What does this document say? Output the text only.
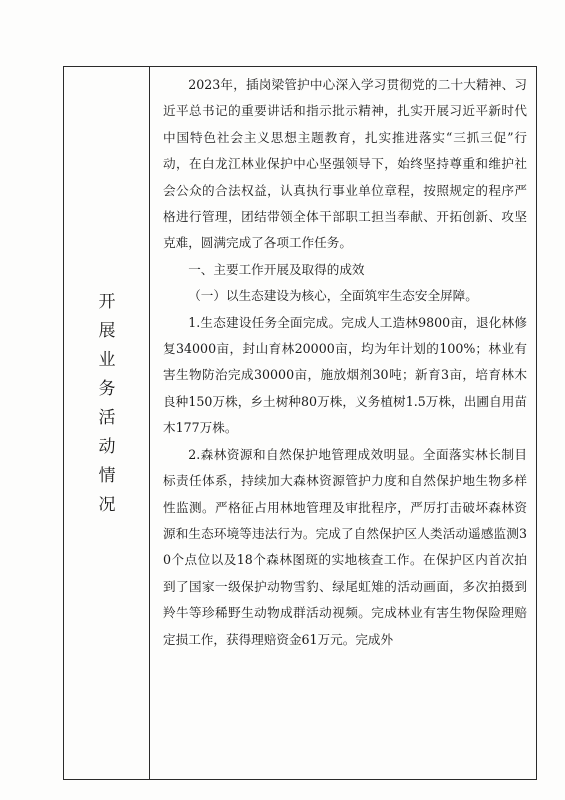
开
展
业
务
活
动
情
况

2023年，插岗梁管护中心深入学习贯彻党的二十大精神、习近平总书记的重要讲话和指示批示精神，扎实开展习近平新时代中国特色社会主义思想主题教育，扎实推进落实“三抓三促”行动，在白龙江林业保护中心坚强领导下，始终坚持尊重和维护社会公众的合法权益，认真执行事业单位章程，按照规定的程序严格进行管理，团结带领全体干部职工担当奉献、开拓创新、攻坚克难，圆满完成了各项工作任务。

一、主要工作开展及取得的成效

（一）以生态建设为核心，全面筑牢生态安全屏障。

1.生态建设任务全面完成。完成人工造林9800亩，退化林修复34000亩，封山育林20000亩，均为年计划的100%；林业有害生物防治完成30000亩，施放烟剂30吨；新育3亩，培育林木良种150万株，乡土树种80万株，义务植树1.5万株，出圃自用苗木177万株。

2.森林资源和自然保护地管理成效明显。全面落实林长制目标责任体系，持续加大森林资源管护力度和自然保护地生物多样性监测。严格征占用林地管理及审批程序，严厉打击破坏森林资源和生态环境等违法行为。完成了自然保护区人类活动遥感监测30个点位以及18个森林图斑的实地核查工作。在保护区内首次拍到了国家一级保护动物雪豹、绿尾虹雉的活动画面，多次拍摄到羚牛等珍稀野生动物成群活动视频。完成林业有害生物保险理赔定损工作，获得理赔资金61万元。完成外
